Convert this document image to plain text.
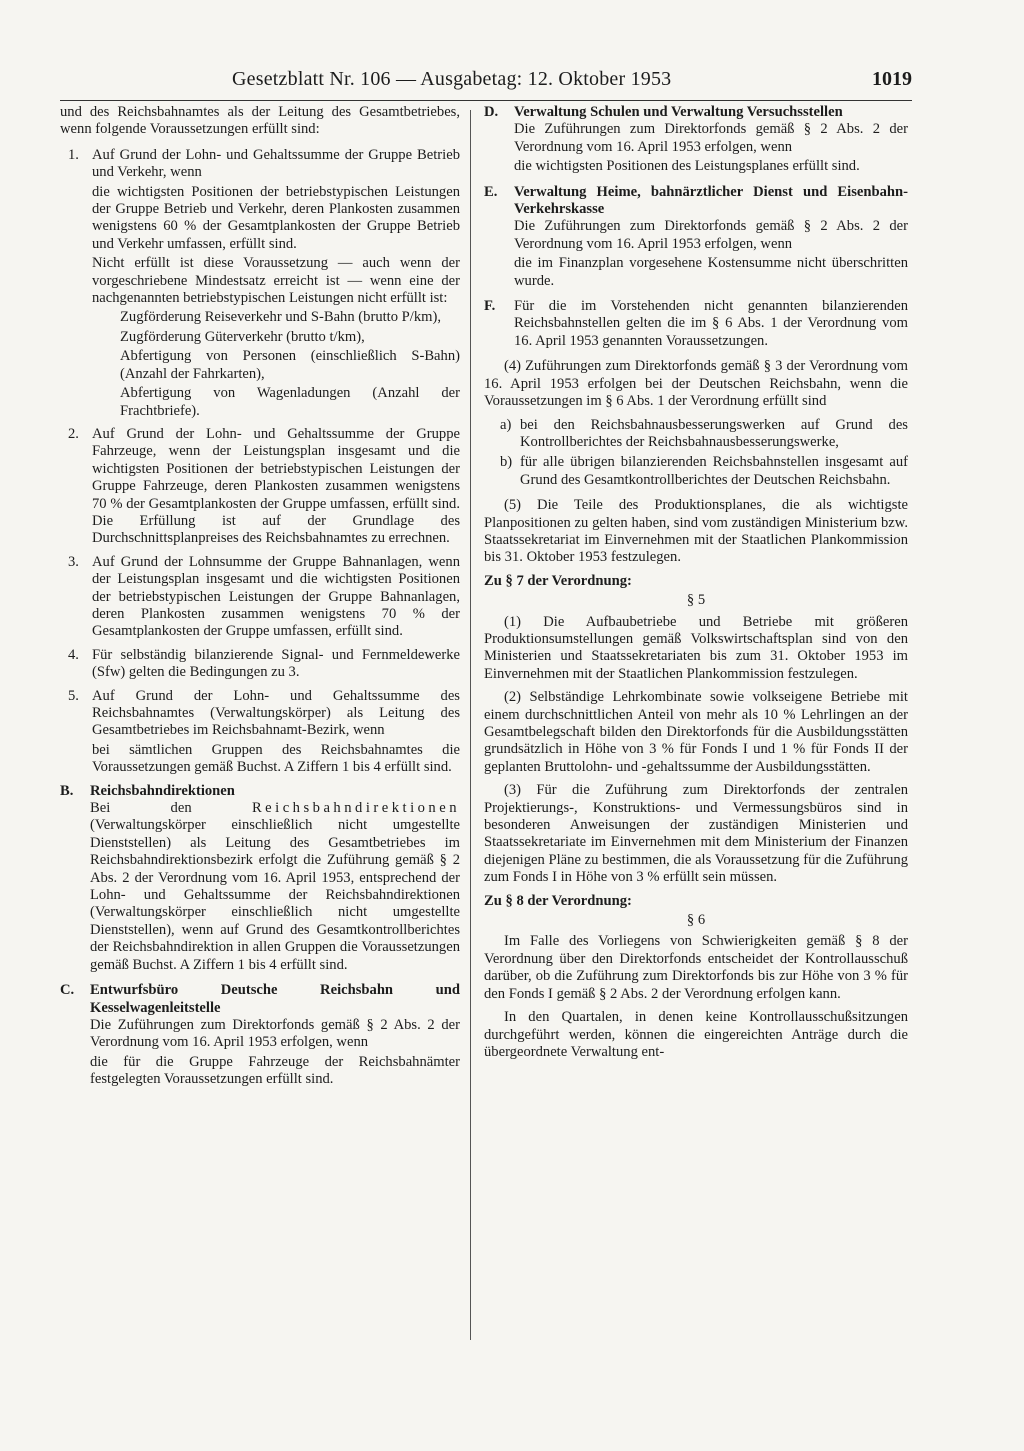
Gesetzblatt Nr. 106 — Ausgabetag: 12. Oktober 1953	1019

und des Reichsbahnamtes als der Leitung des Gesamtbetriebes, wenn folgende Voraussetzungen erfüllt sind:

1. Auf Grund der Lohn- und Gehaltssumme der Gruppe Betrieb und Verkehr, wenn

die wichtigsten Positionen der betriebstypischen Leistungen der Gruppe Betrieb und Verkehr, deren Plankosten zusammen wenigstens 60 % der Gesamtplankosten der Gruppe Betrieb und Verkehr umfassen, erfüllt sind.

Nicht erfüllt ist diese Voraussetzung — auch wenn der vorgeschriebene Mindestsatz erreicht ist — wenn eine der nachgenannten betriebstypischen Leistungen nicht erfüllt ist:

Zugförderung Reiseverkehr und S-Bahn (brutto P/km),

Zugförderung Güterverkehr (brutto t/km),

Abfertigung von Personen (einschließlich S-Bahn) (Anzahl der Fahrkarten),

Abfertigung von Wagenladungen (Anzahl der Frachtbriefe).

2. Auf Grund der Lohn- und Gehaltssumme der Gruppe Fahrzeuge, wenn der Leistungsplan insgesamt und die wichtigsten Positionen der betriebstypischen Leistungen der Gruppe Fahrzeuge, deren Plankosten zusammen wenigstens 70 % der Gesamtplankosten der Gruppe umfassen, erfüllt sind. Die Erfüllung ist auf der Grundlage des Durchschnittsplanpreises des Reichsbahnamtes zu errechnen.

3. Auf Grund der Lohnsumme der Gruppe Bahnanlagen, wenn der Leistungsplan insgesamt und die wichtigsten Positionen der betriebstypischen Leistungen der Gruppe Bahnanlagen, deren Plankosten zusammen wenigstens 70 % der Gesamtplankosten der Gruppe umfassen, erfüllt sind.

4. Für selbständig bilanzierende Signal- und Fernmeldewerke (Sfw) gelten die Bedingungen zu 3.

5. Auf Grund der Lohn- und Gehaltssumme des Reichsbahnamtes (Verwaltungskörper) als Leitung des Gesamtbetriebes im Reichsbahnamt-Bezirk, wenn

bei sämtlichen Gruppen des Reichsbahnamtes die Voraussetzungen gemäß Buchst. A Ziffern 1 bis 4 erfüllt sind.

B. Reichsbahndirektionen

Bei den	Reichsbahndirektionen (Verwaltungskörper einschließlich nicht umgestellte Dienststellen) als Leitung des Gesamtbetriebes im Reichsbahndirektionsbezirk erfolgt die Zuführung gemäß § 2 Abs. 2 der Verordnung vom 16. April 1953, entsprechend der Lohn- und Gehaltssumme der Reichsbahndirektionen (Verwaltungskörper einschließlich nicht umgestellte Dienststellen), wenn auf Grund des Gesamtkontrollberichtes der Reichsbahndirektion in allen Gruppen die Voraussetzungen gemäß Buchst. A Ziffern 1 bis 4 erfüllt sind.

C. Entwurfsbüro Deutsche Reichsbahn und Kesselwagenleitstelle

Die Zuführungen zum Direktorfonds gemäß § 2 Abs. 2 der Verordnung vom 16. April 1953 erfolgen, wenn

die für die Gruppe Fahrzeuge der Reichsbahnämter festgelegten Voraussetzungen erfüllt sind.

D. Verwaltung Schulen und Verwaltung Versuchsstellen

Die Zuführungen zum Direktorfonds gemäß § 2 Abs. 2 der Verordnung vom 16. April 1953 erfolgen, wenn

die wichtigsten Positionen des Leistungsplanes erfüllt sind.

E. Verwaltung Heime, bahnärztlicher Dienst und Eisenbahn-Verkehrskasse

Die Zuführungen zum Direktorfonds gemäß § 2 Abs. 2 der Verordnung vom 16. April 1953 erfolgen, wenn

die im Finanzplan vorgesehene Kostensumme nicht überschritten wurde.

F. Für die im Vorstehenden nicht genannten bilanzierenden Reichsbahnstellen gelten die im § 6 Abs. 1 der Verordnung vom 16. April 1953 genannten Voraussetzungen.

(4) Zuführungen zum Direktorfonds gemäß § 3 der Verordnung vom 16. April 1953 erfolgen bei der Deutschen Reichsbahn, wenn die Voraussetzungen im § 6 Abs. 1 der Verordnung erfüllt sind

a) bei den Reichsbahnausbesserungswerken auf Grund des Kontrollberichtes der Reichsbahnausbesserungswerke,

b) für alle übrigen bilanzierenden Reichsbahnstellen insgesamt auf Grund des Gesamtkontrollberichtes der Deutschen Reichsbahn.

(5) Die Teile des Produktionsplanes, die als wichtigste Planpositionen zu gelten haben, sind vom zuständigen Ministerium bzw. Staatssekretariat im Einvernehmen mit der Staatlichen Plankommission bis 31. Oktober 1953 festzulegen.

Zu § 7 der Verordnung:

§ 5

(1) Die Aufbaubetriebe und Betriebe mit größeren Produktionsumstellungen gemäß Volkswirtschaftsplan sind von den Ministerien und Staatssekretariaten bis zum 31. Oktober 1953 im Einvernehmen mit der Staatlichen Plankommission festzulegen.

(2) Selbständige Lehrkombinate sowie volkseigene Betriebe mit einem durchschnittlichen Anteil von mehr als 10 % Lehrlingen an der Gesamtbelegschaft bilden den Direktorfonds für die Ausbildungsstätten grundsätzlich in Höhe von 3 % für Fonds I und 1 % für Fonds II der geplanten Bruttolohn- und -gehaltssumme der Ausbildungsstätten.

(3) Für die Zuführung zum Direktorfonds der zentralen Projektierungs-, Konstruktions- und Vermessungsbüros sind in besonderen Anweisungen der zuständigen Ministerien und Staatssekretariate im Einvernehmen mit dem Ministerium der Finanzen diejenigen Pläne zu bestimmen, die als Voraussetzung für die Zuführung zum Fonds I in Höhe von 3 % erfüllt sein müssen.

Zu § 8 der Verordnung:

§ 6

Im Falle des Vorliegens von Schwierigkeiten gemäß § 8 der Verordnung über den Direktorfonds entscheidet der Kontrollausschuß darüber, ob die Zuführung zum Direktorfonds bis zur Höhe von 3 % für den Fonds I gemäß § 2 Abs. 2 der Verordnung erfolgen kann.

In den Quartalen, in denen keine Kontrollausschußsitzungen durchgeführt werden, können die eingereichten Anträge durch die übergeordnete Verwaltung ent-
